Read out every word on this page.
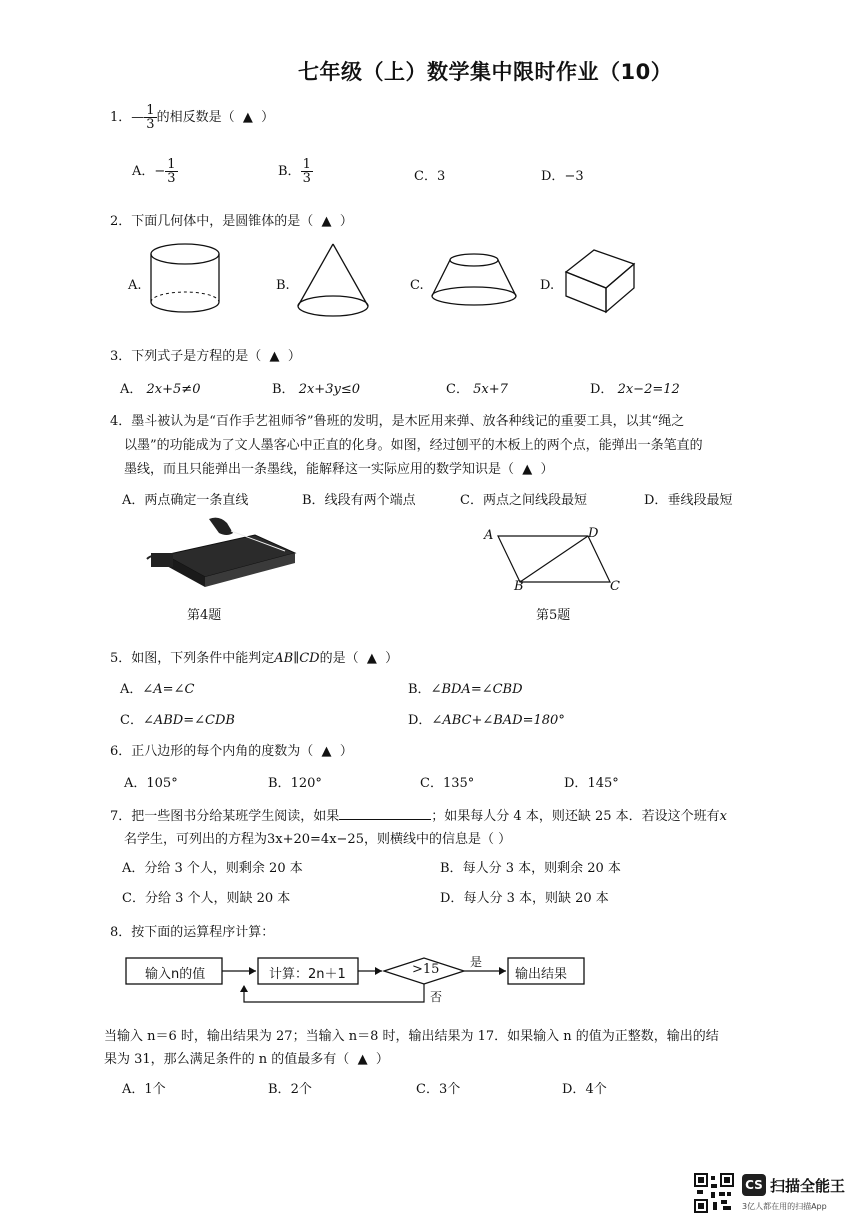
七年级（上）数学集中限时作业（10）
1．— $\frac{1}{3}$ 的相反数是（ ▲ ）
A．− $\frac{1}{3}$	B． $\frac{1}{3}$	C．3	D．−3
2．下面几何体中，是圆锥体的是（ ▲ ）
A.	B.	C.	D.
3．下列式子是方程的是（ ▲ ）
A． 2x+5≠0	B． 2x+3y≤0	C． 5x+7	D． 2x−2=12
4．墨斗被认为是“百作手艺祖师爷”鲁班的发明，是木匠用来弹、放各种线记的重要工具，以其“绳之
以墨”的功能成为了文人墨客心中正直的化身。如图，经过刨平的木板上的两个点，能弹出一条笔直的
墨线，而且只能弹出一条墨线，能解释这一实际应用的数学知识是（ ▲ ）
A．两点确定一条直线	B．线段有两个端点	C．两点之间线段最短	D．垂线段最短
第4题
A	D
B	C
第5题
5．如图，下列条件中能判定AB∥CD的是（ ▲ ）
A．∠A=∠C	B．∠BDA=∠CBD
C．∠ABD=∠CDB	D．∠ABC+∠BAD=180°
6．正八边形的每个内角的度数为（ ▲ ）
A．105°	B．120°	C．135°	D．145°
7．把一些图书分给某班学生阅读，如果	；如果每人分 4 本，则还缺 25 本．若设这个班有x
名学生，可列出的方程为3x+20=4x−25，则横线中的信息是（ ）
A．分给 3 个人，则剩余 20 本	B．每人分 3 本，则剩余 20 本
C．分给 3 个人，则缺 20 本	D．每人分 3 本，则缺 20 本
8．按下面的运算程序计算：
输入n的值	计算：2n＋1	>15	是
否
输出结果
当输入 n＝6 时，输出结果为 27；当输入 n＝8 时，输出结果为 17．如果输入 n 的值为正整数，输出的结
果为 31，那么满足条件的 n 的值最多有（ ▲ ）
A．1个	B．2个	C．3个	D．4个
CS 扫描全能王
3亿人都在用的扫描App
